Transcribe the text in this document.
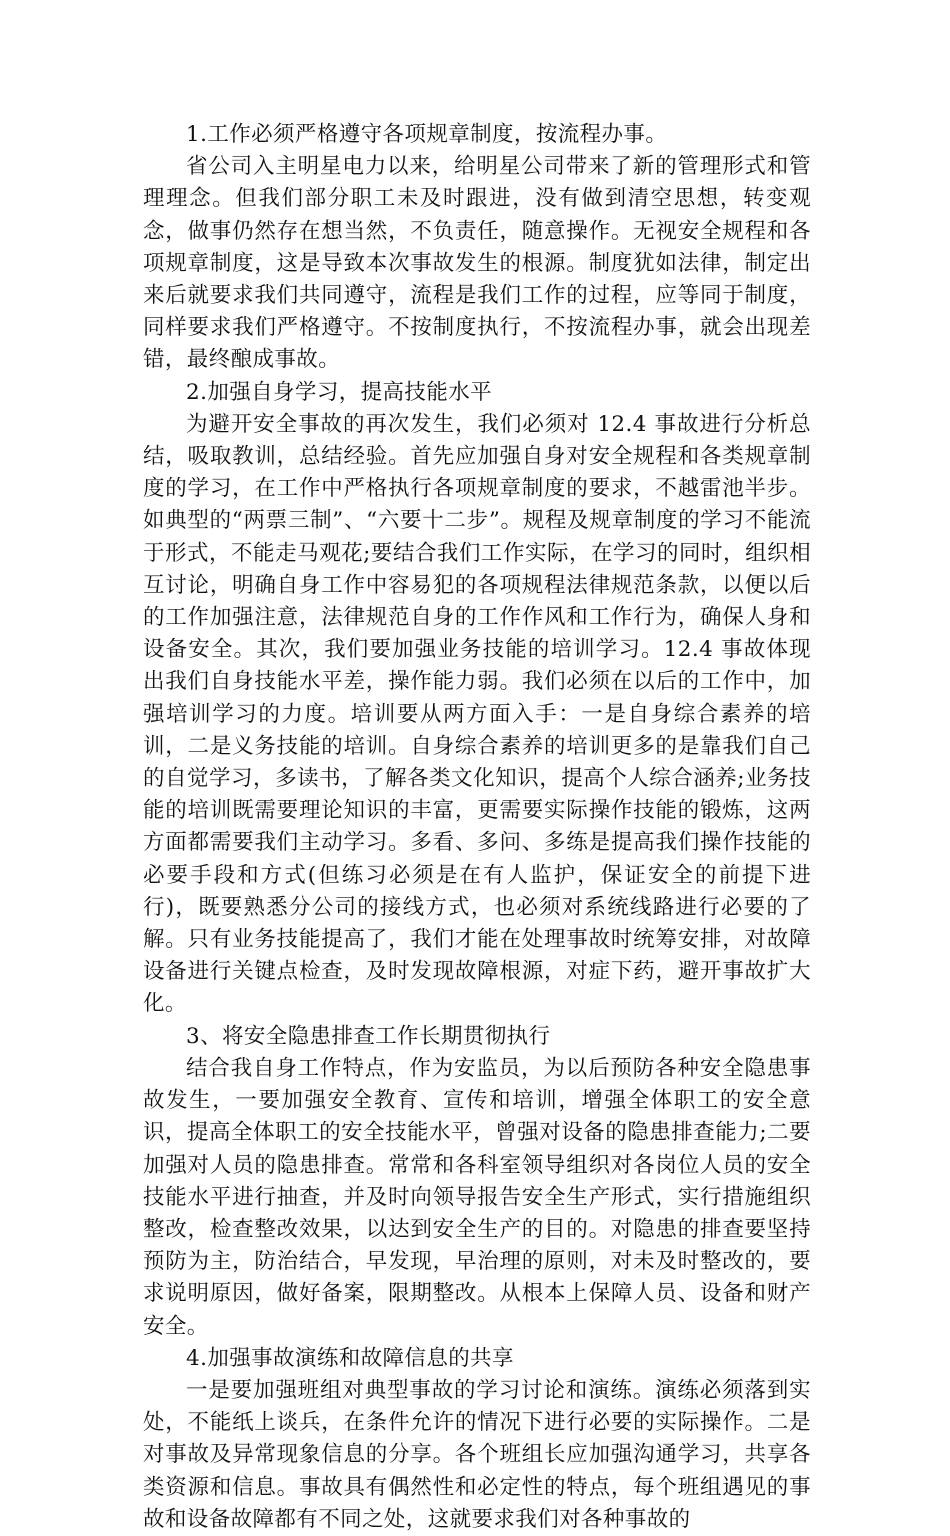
1.工作必须严格遵守各项规章制度，按流程办事。

省公司入主明星电力以来，给明星公司带来了新的管理形式和管理理念。但我们部分职工未及时跟进，没有做到清空思想，转变观念，做事仍然存在想当然，不负责任，随意操作。无视安全规程和各项规章制度，这是导致本次事故发生的根源。制度犹如法律，制定出来后就要求我们共同遵守，流程是我们工作的过程，应等同于制度，同样要求我们严格遵守。不按制度执行，不按流程办事，就会出现差错，最终酿成事故。

2.加强自身学习，提高技能水平

为避开安全事故的再次发生，我们必须对 12.4 事故进行分析总结，吸取教训，总结经验。首先应加强自身对安全规程和各类规章制度的学习，在工作中严格执行各项规章制度的要求，不越雷池半步。如典型的“两票三制”、“六要十二步”。规程及规章制度的学习不能流于形式，不能走马观花;要结合我们工作实际，在学习的同时，组织相互讨论，明确自身工作中容易犯的各项规程法律规范条款，以便以后的工作加强注意，法律规范自身的工作作风和工作行为，确保人身和设备安全。其次，我们要加强业务技能的培训学习。12.4 事故体现出我们自身技能水平差，操作能力弱。我们必须在以后的工作中，加强培训学习的力度。培训要从两方面入手：一是自身综合素养的培训，二是义务技能的培训。自身综合素养的培训更多的是靠我们自己的自觉学习，多读书，了解各类文化知识，提高个人综合涵养;业务技能的培训既需要理论知识的丰富，更需要实际操作技能的锻炼，这两方面都需要我们主动学习。多看、多问、多练是提高我们操作技能的必要手段和方式(但练习必须是在有人监护，保证安全的前提下进行)，既要熟悉分公司的接线方式，也必须对系统线路进行必要的了解。只有业务技能提高了，我们才能在处理事故时统筹安排，对故障设备进行关键点检查，及时发现故障根源，对症下药，避开事故扩大化。

3、将安全隐患排查工作长期贯彻执行

结合我自身工作特点，作为安监员，为以后预防各种安全隐患事故发生，一要加强安全教育、宣传和培训，增强全体职工的安全意识，提高全体职工的安全技能水平，曾强对设备的隐患排查能力;二要加强对人员的隐患排查。常常和各科室领导组织对各岗位人员的安全技能水平进行抽查，并及时向领导报告安全生产形式，实行措施组织整改，检查整改效果，以达到安全生产的目的。对隐患的排查要坚持预防为主，防治结合，早发现，早治理的原则，对未及时整改的，要求说明原因，做好备案，限期整改。从根本上保障人员、设备和财产安全。

4.加强事故演练和故障信息的共享

一是要加强班组对典型事故的学习讨论和演练。演练必须落到实处，不能纸上谈兵，在条件允许的情况下进行必要的实际操作。二是对事故及异常现象信息的分享。各个班组长应加强沟通学习，共享各类资源和信息。事故具有偶然性和必定性的特点，每个班组遇见的事故和设备故障都有不同之处，这就要求我们对各种事故的
